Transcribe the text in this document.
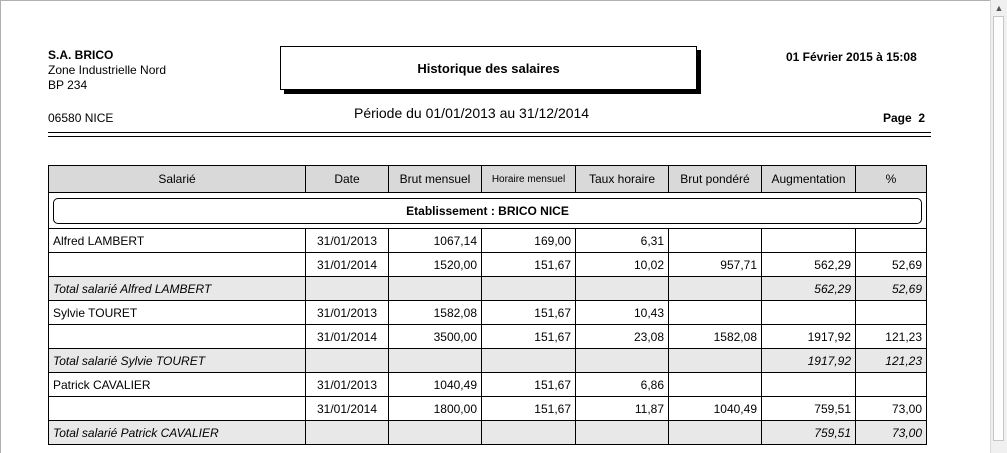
S.A. BRICO
Zone Industrielle Nord
BP 234
06580 NICE
Historique des salaires
Période du 01/01/2013 au 31/12/2014
01 Février 2015 à 15:08
Page  2
Salarié	Date	Brut mensuel	Horaire mensuel	Taux horaire	Brut pondéré	Augmentation	%

Etablissement : BRICO NICE							

Alfred LAMBERT	31/01/2013	1067,14	169,00	6,31			
	31/01/2014	1520,00	151,67	10,02	957,71	562,29	52,69
Total salarié Alfred LAMBERT						562,29	52,69
Sylvie TOURET	31/01/2013	1582,08	151,67	10,43			
	31/01/2014	3500,00	151,67	23,08	1582,08	1917,92	121,23
Total salarié Sylvie TOURET						1917,92	121,23
Patrick CAVALIER	31/01/2013	1040,49	151,67	6,86			
	31/01/2014	1800,00	151,67	11,87	1040,49	759,51	73,00
Total salarié Patrick CAVALIER						759,51	73,00
▲
